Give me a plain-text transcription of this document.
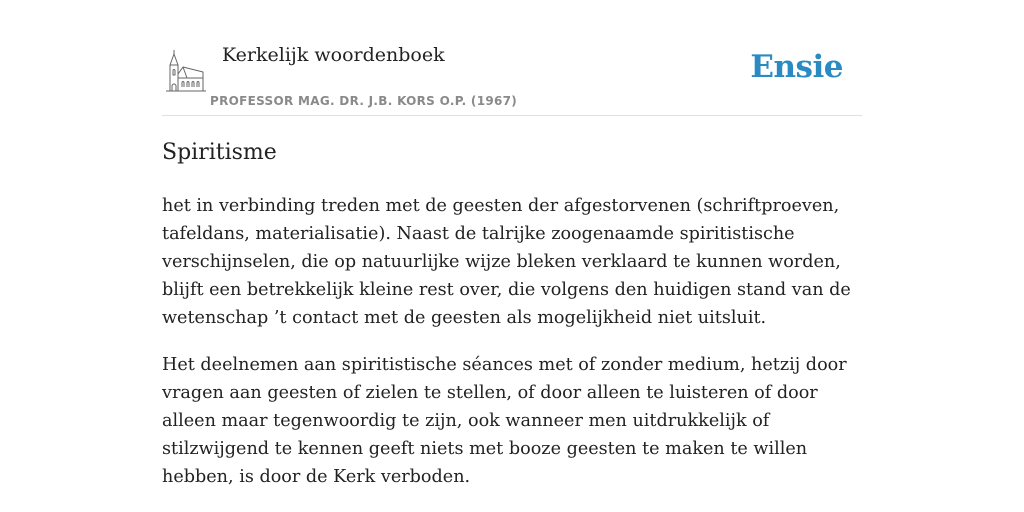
Kerkelijk woordenboek
PROFESSOR MAG. DR. J.B. KORS O.P. (1967)
Ensie
Spiritisme

het in verbinding treden met de geesten der afgestorvenen (schriftproeven, tafeldans, materialisatie). Naast de talrijke zoogenaamde spiritistische verschijnselen, die op natuurlijke wijze bleken verklaard te kunnen worden, blijft een betrekkelijk kleine rest over, die volgens den huidigen stand van de wetenschap ’t contact met de geesten als mogelijkheid niet uitsluit.

Het deelnemen aan spiritistische séances met of zonder medium, hetzij door vragen aan geesten of zielen te stellen, of door alleen te luisteren of door alleen maar tegenwoordig te zijn, ook wanneer men uitdrukkelijk of stilzwijgend te kennen geeft niets met booze geesten te maken te willen hebben, is door de Kerk verboden.
